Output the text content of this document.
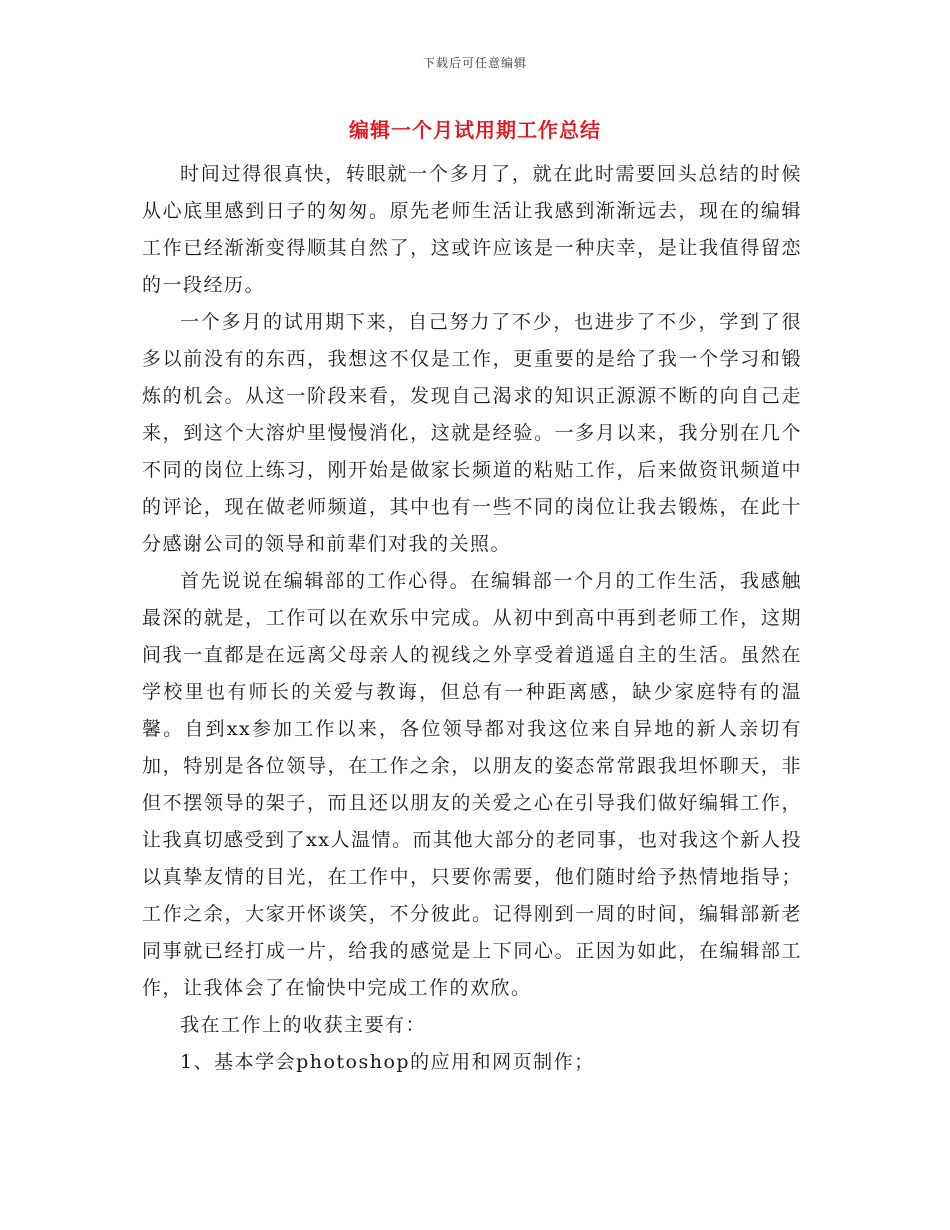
下载后可任意编辑
编辑一个月试用期工作总结

时间过得很真快，转眼就一个多月了，就在此时需要回头总结的时候从心底里感到日子的匆匆。原先老师生活让我感到渐渐远去，现在的编辑工作已经渐渐变得顺其自然了，这或许应该是一种庆幸，是让我值得留恋的一段经历。

一个多月的试用期下来，自己努力了不少，也进步了不少，学到了很多以前没有的东西，我想这不仅是工作，更重要的是给了我一个学习和锻炼的机会。从这一阶段来看，发现自己渴求的知识正源源不断的向自己走来，到这个大溶炉里慢慢消化，这就是经验。一多月以来，我分别在几个不同的岗位上练习，刚开始是做家长频道的粘贴工作，后来做资讯频道中的评论，现在做老师频道，其中也有一些不同的岗位让我去锻炼，在此十分感谢公司的领导和前辈们对我的关照。

首先说说在编辑部的工作心得。在编辑部一个月的工作生活，我感触最深的就是，工作可以在欢乐中完成。从初中到高中再到老师工作，这期间我一直都是在远离父母亲人的视线之外享受着逍遥自主的生活。虽然在学校里也有师长的关爱与教诲，但总有一种距离感，缺少家庭特有的温馨。自到xx参加工作以来，各位领导都对我这位来自异地的新人亲切有加，特别是各位领导，在工作之余，以朋友的姿态常常跟我坦怀聊天，非但不摆领导的架子，而且还以朋友的关爱之心在引导我们做好编辑工作，让我真切感受到了xx人温情。而其他大部分的老同事，也对我这个新人投以真挚友情的目光，在工作中，只要你需要，他们随时给予热情地指导；工作之余，大家开怀谈笑，不分彼此。记得刚到一周的时间，编辑部新老同事就已经打成一片，给我的感觉是上下同心。正因为如此，在编辑部工作，让我体会了在愉快中完成工作的欢欣。

我在工作上的收获主要有：

1、基本学会photoshop的应用和网页制作；
